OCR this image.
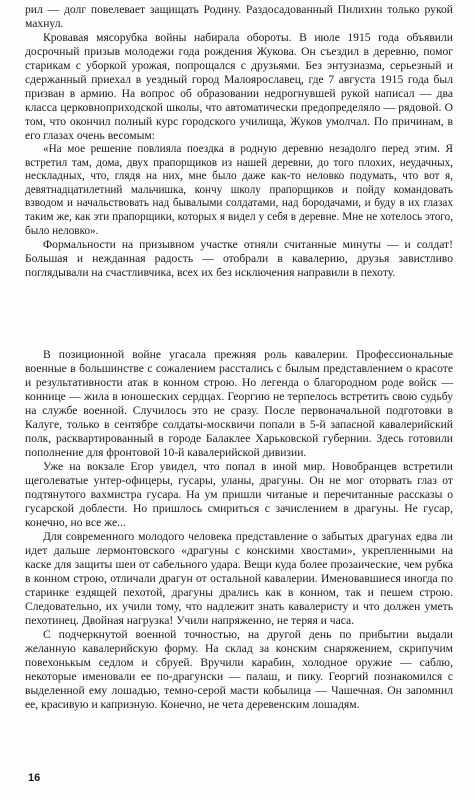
рил — долг повелевает защищать Родину. Раздосадованный Пилихин только рукой махнул.

Кровавая мясорубка войны набирала обороты. В июле 1915 года объявили досрочный призыв молодежи года рождения Жукова. Он съездил в деревню, помог старикам с уборкой урожая, попрощался с друзьями. Без энтузиазма, серьезный и сдержанный приехал в уездный город Малоярославец, где 7 августа 1915 года был призван в армию. На вопрос об образовании недрогнувшей рукой написал — два класса церковноприходской школы, что автоматически предопределяло — рядовой. О том, что окончил полный курс городского училища, Жуков умолчал. По причинам, в его глазах очень весомым:

«На мое решение повлияла поездка в родную деревню незадолго перед этим. Я встретил там, дома, двух прапорщиков из нашей деревни, до того плохих, неудачных, нескладных, что, глядя на них, мне было даже как-то неловко подумать, что вот я, девятнадцатилетний мальчишка, кончу школу прапорщиков и пойду командовать взводом и начальствовать над бывалыми солдатами, над бородачами, и буду в их глазах таким же, как эти прапорщики, которых я видел у себя в деревне. Мне не хотелось этого, было неловко».

Формальности на призывном участке отняли считанные минуты — и солдат! Большая и нежданная радость — отобрали в кавалерию, друзья завистливо поглядывали на счастливчика, всех их без исключения направили в пехоту.

В позиционной войне угасала прежняя роль кавалерии. Профессиональные военные в большинстве с сожалением расстались с былым представлением о красоте и результативности атак в конном строю. Но легенда о благородном роде войск — коннице — жила в юношеских сердцах. Георгию не терпелось встретить свою судьбу на службе военной. Случилось это не сразу. После первоначальной подготовки в Калуге, только в сентябре солдаты-москвичи попали в 5-й запасной кавалерийский полк, расквартированный в городе Балаклее Харьковской губернии. Здесь готовили пополнение для фронтовой 10-й кавалерийской дивизии.

Уже на вокзале Егор увидел, что попал в иной мир. Новобранцев встретили щеголеватые унтер-офицеры, гусары, уланы, драгуны. Он не мог оторвать глаз от подтянутого вахмистра гусара. На ум пришли читаные и перечитанные рассказы о гусарской доблести. Но пришлось смириться с зачислением в драгуны. Не гусар, конечно, но все же...

Для современного молодого человека представление о забытых драгунах едва ли идет дальше лермонтовского «драгуны с конскими хвостами», укрепленными на каске для защиты шеи от сабельного удара. Вещи куда более прозаические, чем рубка в конном строю, отличали драгун от остальной кавалерии. Именовавшиеся иногда по старинке ездящей пехотой, драгуны дрались как в конном, так и пешем строю. Следовательно, их учили тому, что надлежит знать кавалеристу и что должен уметь пехотинец. Двойная нагрузка! Учили напряженно, не теряя и часа.

С подчеркнутой военной точностью, на другой день по прибытии выдали желанную кавалерийскую форму. На склад за конским снаряжением, скрипучим повехонькым седлом и сбруей. Вручили карабин, холодное оружие — саблю, некоторые именовали ее по-драгунски — палаш, и пику. Георгий познакомился с выделенной ему лошадью, темно-серой масти кобылица — Чашечная. Он запомнил ее, красивую и капризную. Конечно, не чета деревенским лошадям.

16
